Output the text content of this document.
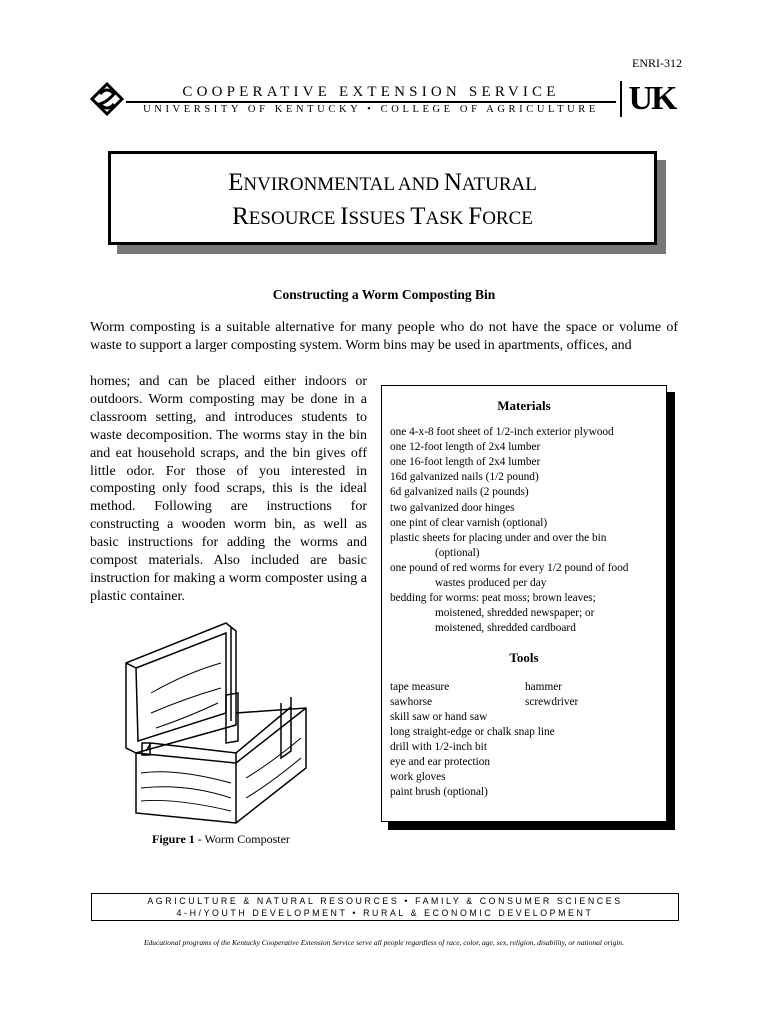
ENRI-312
COOPERATIVE EXTENSION SERVICE
UNIVERSITY OF KENTUCKY • COLLEGE OF AGRICULTURE UK
ENVIRONMENTAL AND NATURAL
RESOURCE ISSUES TASK FORCE
Constructing a Worm Composting Bin
Worm composting is a suitable alternative for many people who do not have the space or volume of waste to support a larger composting system. Worm bins may be used in apartments, offices, and
homes; and can be placed either indoors or outdoors. Worm composting may be done in a classroom setting, and introduces students to waste decomposition. The worms stay in the bin and eat household scraps, and the bin gives off little odor. For those of you interested in composting only food scraps, this is the ideal method. Following are instructions for constructing a wooden worm bin, as well as basic instructions for adding the worms and compost materials. Also included are basic instruction for making a worm composter using a plastic container.
Figure 1 - Worm Composter
Materials
one 4-x-8 foot sheet of 1/2-inch exterior plywood
one 12-foot length of 2x4 lumber
one 16-foot length of 2x4 lumber
16d galvanized nails (1/2 pound)
6d galvanized nails (2 pounds)
two galvanized door hinges
one pint of clear varnish (optional)
plastic sheets for placing under and over the bin
(optional)
one pound of red worms for every 1/2 pound of food
wastes produced per day
bedding for worms: peat moss; brown leaves;
moistened, shredded newspaper; or
moistened, shredded cardboard
Tools
tape measure	hammer
sawhorse	screwdriver
skill saw or hand saw
long straight-edge or chalk snap line
drill with 1/2-inch bit
eye and ear protection
work gloves
paint brush (optional)
AGRICULTURE & NATURAL RESOURCES • FAMILY & CONSUMER SCIENCES
4-H/YOUTH DEVELOPMENT • RURAL & ECONOMIC DEVELOPMENT
Educational programs of the Kentucky Cooperative Extension Service serve all people regardless of race, color, age, sex, religion, disability, or national origin.
